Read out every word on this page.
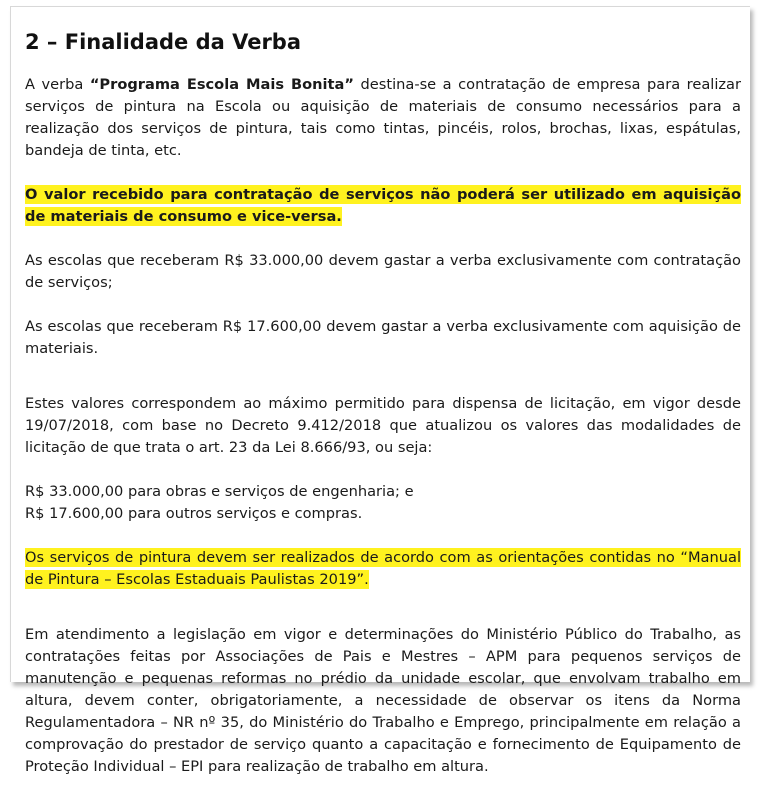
2 – Finalidade da Verba

A verba “Programa Escola Mais Bonita” destina-se a contratação de empresa para realizar serviços de pintura na Escola ou aquisição de materiais de consumo necessários para a realização dos serviços de pintura, tais como tintas, pincéis, rolos, brochas, lixas, espátulas, bandeja de tinta, etc.

O valor recebido para contratação de serviços não poderá ser utilizado em aquisição de materiais de consumo e vice-versa.

As escolas que receberam R$ 33.000,00 devem gastar a verba exclusivamente com contratação de serviços;

As escolas que receberam R$ 17.600,00 devem gastar a verba exclusivamente com aquisição de materiais.

Estes valores correspondem ao máximo permitido para dispensa de licitação, em vigor desde 19/07/2018, com base no Decreto 9.412/2018 que atualizou os valores das modalidades de licitação de que trata o art. 23 da Lei 8.666/93, ou seja:

R$ 33.000,00 para obras e serviços de engenharia; e
R$ 17.600,00 para outros serviços e compras.

Os serviços de pintura devem ser realizados de acordo com as orientações contidas no “Manual de Pintura – Escolas Estaduais Paulistas 2019”.

Em atendimento a legislação em vigor e determinações do Ministério Público do Trabalho, as contratações feitas por Associações de Pais e Mestres – APM para pequenos serviços de manutenção e pequenas reformas no prédio da unidade escolar, que envolvam trabalho em altura, devem conter, obrigatoriamente, a necessidade de observar os itens da Norma Regulamentadora – NR nº 35, do Ministério do Trabalho e Emprego, principalmente em relação a comprovação do prestador de serviço quanto a capacitação e fornecimento de Equipamento de Proteção Individual – EPI para realização de trabalho em altura.
